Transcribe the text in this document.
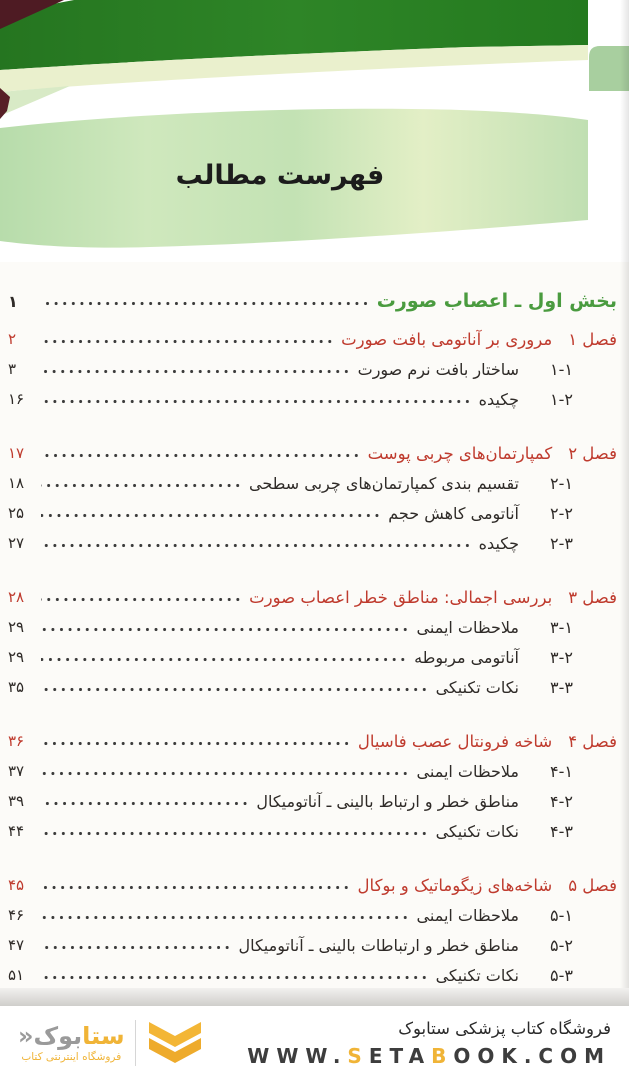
فهرست مطالب
بخش اول ـ اعصاب صورت
۱
فصل ۱
مروری بر آناتومی بافت صورت
۲
۱-۱
ساختار بافت نرم صورت
۳
۱-۲
چکیده
۱۶
فصل ۲
کمپارتمان‌های چربی پوست
۱۷
۲-۱
تقسیم بندی کمپارتمان‌های چربی سطحی
۱۸
۲-۲
آناتومی کاهش حجم
۲۵
۲-۳
چکیده
۲۷
فصل ۳
بررسی اجمالی: مناطق خطر اعصاب صورت
۲۸
۳-۱
ملاحظات ایمنی
۲۹
۳-۲
آناتومی مربوطه
۲۹
۳-۳
نکات تکنیکی
۳۵
فصل ۴
شاخه فرونتال عصب فاسیال
۳۶
۴-۱
ملاحظات ایمنی
۳۷
۴-۲
مناطق خطر و ارتباط بالینی ـ آناتومیکال
۳۹
۴-۳
نکات تکنیکی
۴۴
فصل ۵
شاخه‌های زیگوماتیک و بوکال
۴۵
۵-۱
ملاحظات ایمنی
۴۶
۵-۲
مناطق خطر و ارتباطات بالینی ـ آناتومیکال
۴۷
۵-۳
نکات تکنیکی
۵۱
ستابوک«
فروشگاه اینترنتی کتاب
فروشگاه کتاب پزشکی ستابوک
WWW.SETABOOK.COM
